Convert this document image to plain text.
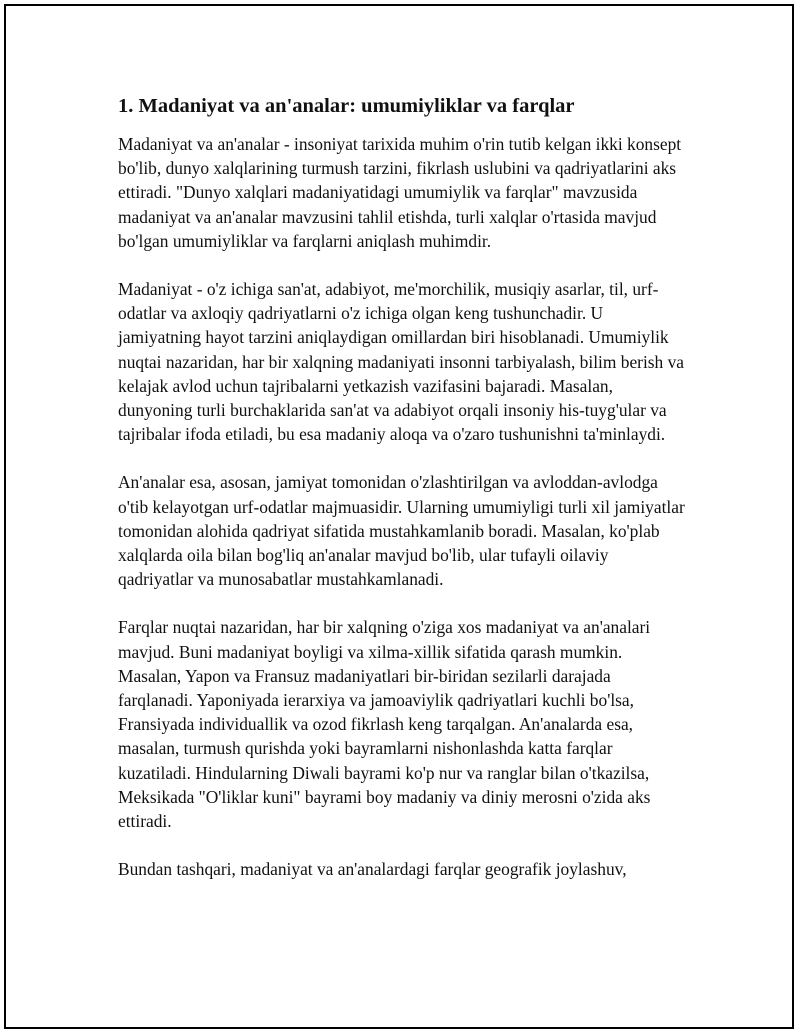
1. Madaniyat va an'analar: umumiyliklar va farqlar

Madaniyat va an'analar - insoniyat tarixida muhim o'rin tutib kelgan ikki konsept bo'lib, dunyo xalqlarining turmush tarzini, fikrlash uslubini va qadriyatlarini aks ettiradi. "Dunyo xalqlari madaniyatidagi umumiylik va farqlar" mavzusida madaniyat va an'analar mavzusini tahlil etishda, turli xalqlar o'rtasida mavjud bo'lgan umumiyliklar va farqlarni aniqlash muhimdir.

Madaniyat - o'z ichiga san'at, adabiyot, me'morchilik, musiqiy asarlar, til, urf-odatlar va axloqiy qadriyatlarni o'z ichiga olgan keng tushunchadir. U jamiyatning hayot tarzini aniqlaydigan omillardan biri hisoblanadi. Umumiylik nuqtai nazaridan, har bir xalqning madaniyati insonni tarbiyalash, bilim berish va kelajak avlod uchun tajribalarni yetkazish vazifasini bajaradi. Masalan, dunyoning turli burchaklarida san'at va adabiyot orqali insoniy his-tuyg'ular va tajribalar ifoda etiladi, bu esa madaniy aloqa va o'zaro tushunishni ta'minlaydi.

An'analar esa, asosan, jamiyat tomonidan o'zlashtirilgan va avloddan-avlodga o'tib kelayotgan urf-odatlar majmuasidir. Ularning umumiyligi turli xil jamiyatlar tomonidan alohida qadriyat sifatida mustahkamlanib boradi. Masalan, ko'plab xalqlarda oila bilan bog'liq an'analar mavjud bo'lib, ular tufayli oilaviy qadriyatlar va munosabatlar mustahkamlanadi.

Farqlar nuqtai nazaridan, har bir xalqning o'ziga xos madaniyat va an'analari mavjud. Buni madaniyat boyligi va xilma-xillik sifatida qarash mumkin. Masalan, Yapon va Fransuz madaniyatlari bir-biridan sezilarli darajada farqlanadi. Yaponiyada ierarxiya va jamoaviylik qadriyatlari kuchli bo'lsa, Fransiyada individuallik va ozod fikrlash keng tarqalgan. An'analarda esa, masalan, turmush qurishda yoki bayramlarni nishonlashda katta farqlar kuzatiladi. Hindularning Diwali bayrami ko'p nur va ranglar bilan o'tkazilsa, Meksikada "O'liklar kuni" bayrami boy madaniy va diniy merosni o'zida aks ettiradi.

Bundan tashqari, madaniyat va an'analardagi farqlar geografik joylashuv,
